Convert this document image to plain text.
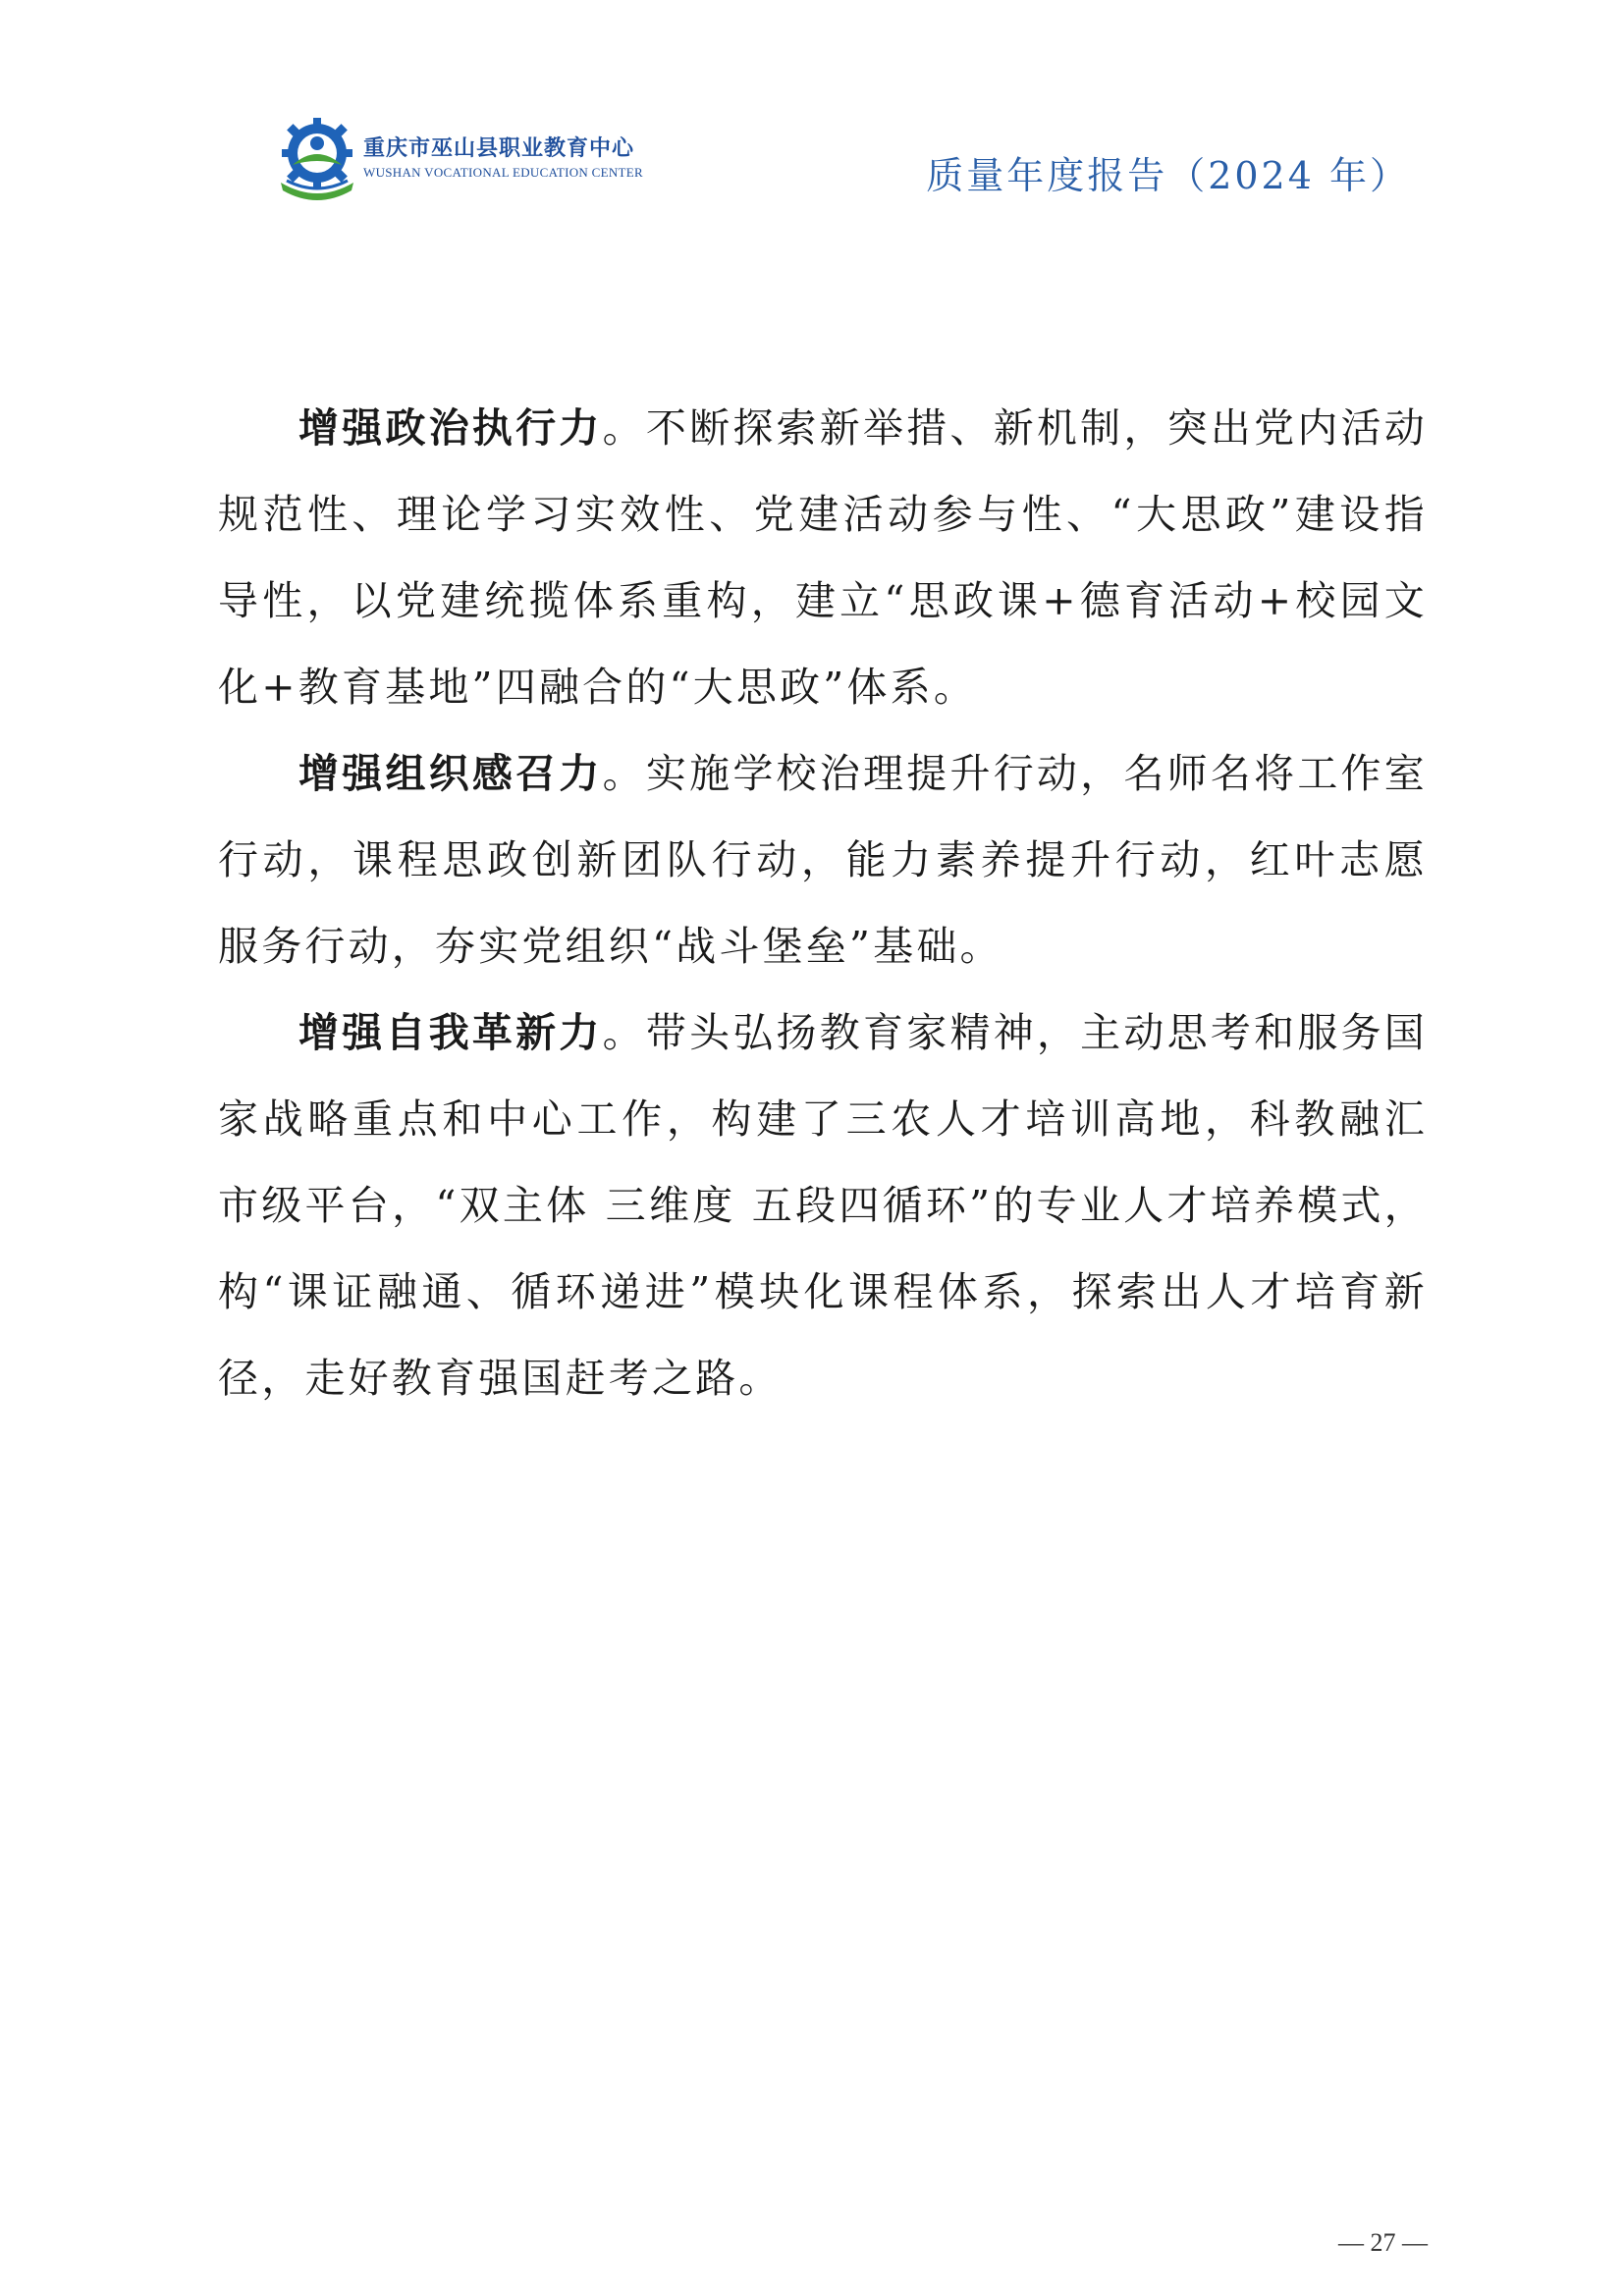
重庆市巫山县职业教育中心
WUSHAN VOCATIONAL EDUCATION CENTER	质量年度报告（2024 年）

增强政治执行力。不断探索新举措、新机制，突出党内活动规范性、理论学习实效性、党建活动参与性、“大思政”建设指导性，以党建统揽体系重构，建立“思政课+德育活动+校园文化+教育基地”四融合的“大思政”体系。

增强组织感召力。实施学校治理提升行动，名师名将工作室行动，课程思政创新团队行动，能力素养提升行动，红叶志愿服务行动，夯实党组织“战斗堡垒”基础。

增强自我革新力。带头弘扬教育家精神，主动思考和服务国家战略重点和中心工作，构建了三农人才培训高地，科教融汇市级平台，“双主体 三维度 五段四循环”的专业人才培养模式，构“课证融通、循环递进”模块化课程体系，探索出人才培育新径，走好教育强国赶考之路。

— 27 —
